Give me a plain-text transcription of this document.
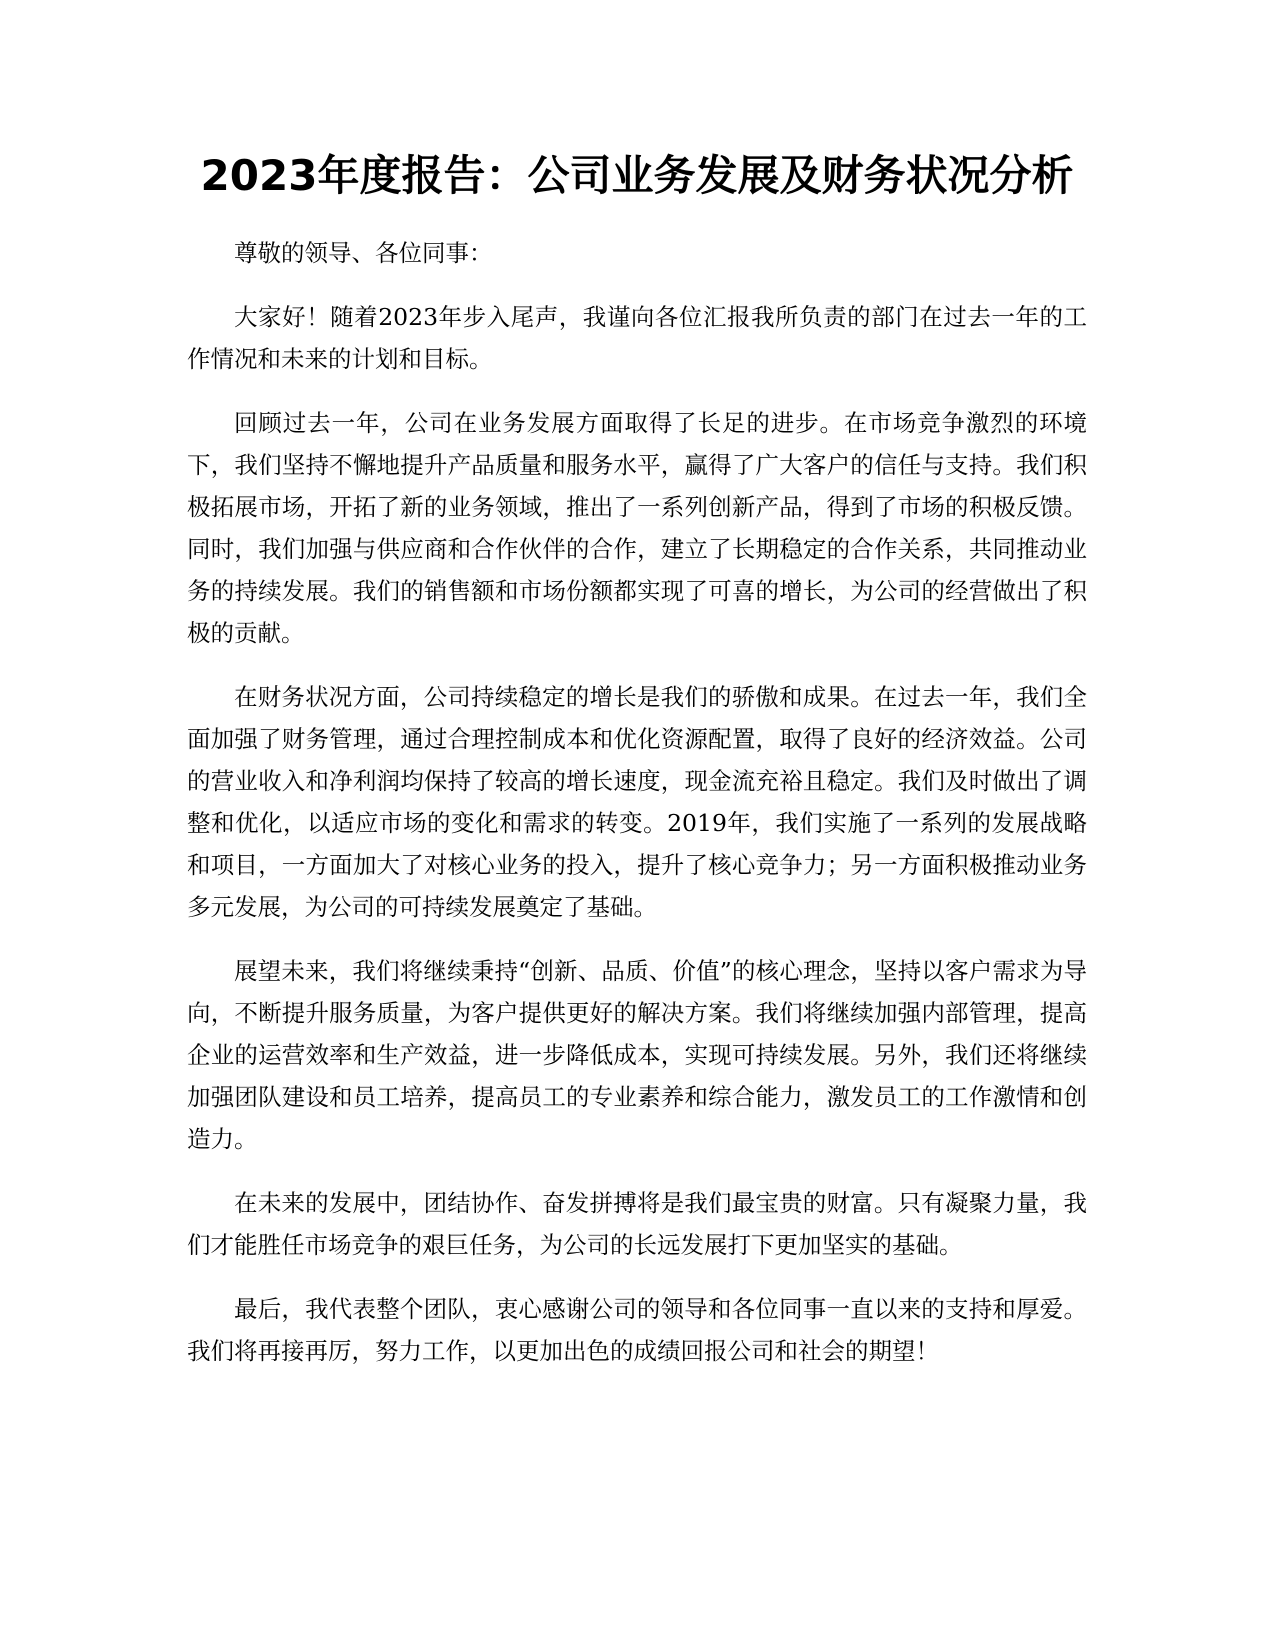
2023年度报告：公司业务发展及财务状况分析

尊敬的领导、各位同事：

大家好！随着2023年步入尾声，我谨向各位汇报我所负责的部门在过去一年的工作情况和未来的计划和目标。

回顾过去一年，公司在业务发展方面取得了长足的进步。在市场竞争激烈的环境下，我们坚持不懈地提升产品质量和服务水平，赢得了广大客户的信任与支持。我们积极拓展市场，开拓了新的业务领域，推出了一系列创新产品，得到了市场的积极反馈。同时，我们加强与供应商和合作伙伴的合作，建立了长期稳定的合作关系，共同推动业务的持续发展。我们的销售额和市场份额都实现了可喜的增长，为公司的经营做出了积极的贡献。

在财务状况方面，公司持续稳定的增长是我们的骄傲和成果。在过去一年，我们全面加强了财务管理，通过合理控制成本和优化资源配置，取得了良好的经济效益。公司的营业收入和净利润均保持了较高的增长速度，现金流充裕且稳定。我们及时做出了调整和优化，以适应市场的变化和需求的转变。2019年，我们实施了一系列的发展战略和项目，一方面加大了对核心业务的投入，提升了核心竞争力；另一方面积极推动业务多元发展，为公司的可持续发展奠定了基础。

展望未来，我们将继续秉持“创新、品质、价值”的核心理念，坚持以客户需求为导向，不断提升服务质量，为客户提供更好的解决方案。我们将继续加强内部管理，提高企业的运营效率和生产效益，进一步降低成本，实现可持续发展。另外，我们还将继续加强团队建设和员工培养，提高员工的专业素养和综合能力，激发员工的工作激情和创造力。

在未来的发展中，团结协作、奋发拼搏将是我们最宝贵的财富。只有凝聚力量，我们才能胜任市场竞争的艰巨任务，为公司的长远发展打下更加坚实的基础。

最后，我代表整个团队，衷心感谢公司的领导和各位同事一直以来的支持和厚爱。我们将再接再厉，努力工作，以更加出色的成绩回报公司和社会的期望！
